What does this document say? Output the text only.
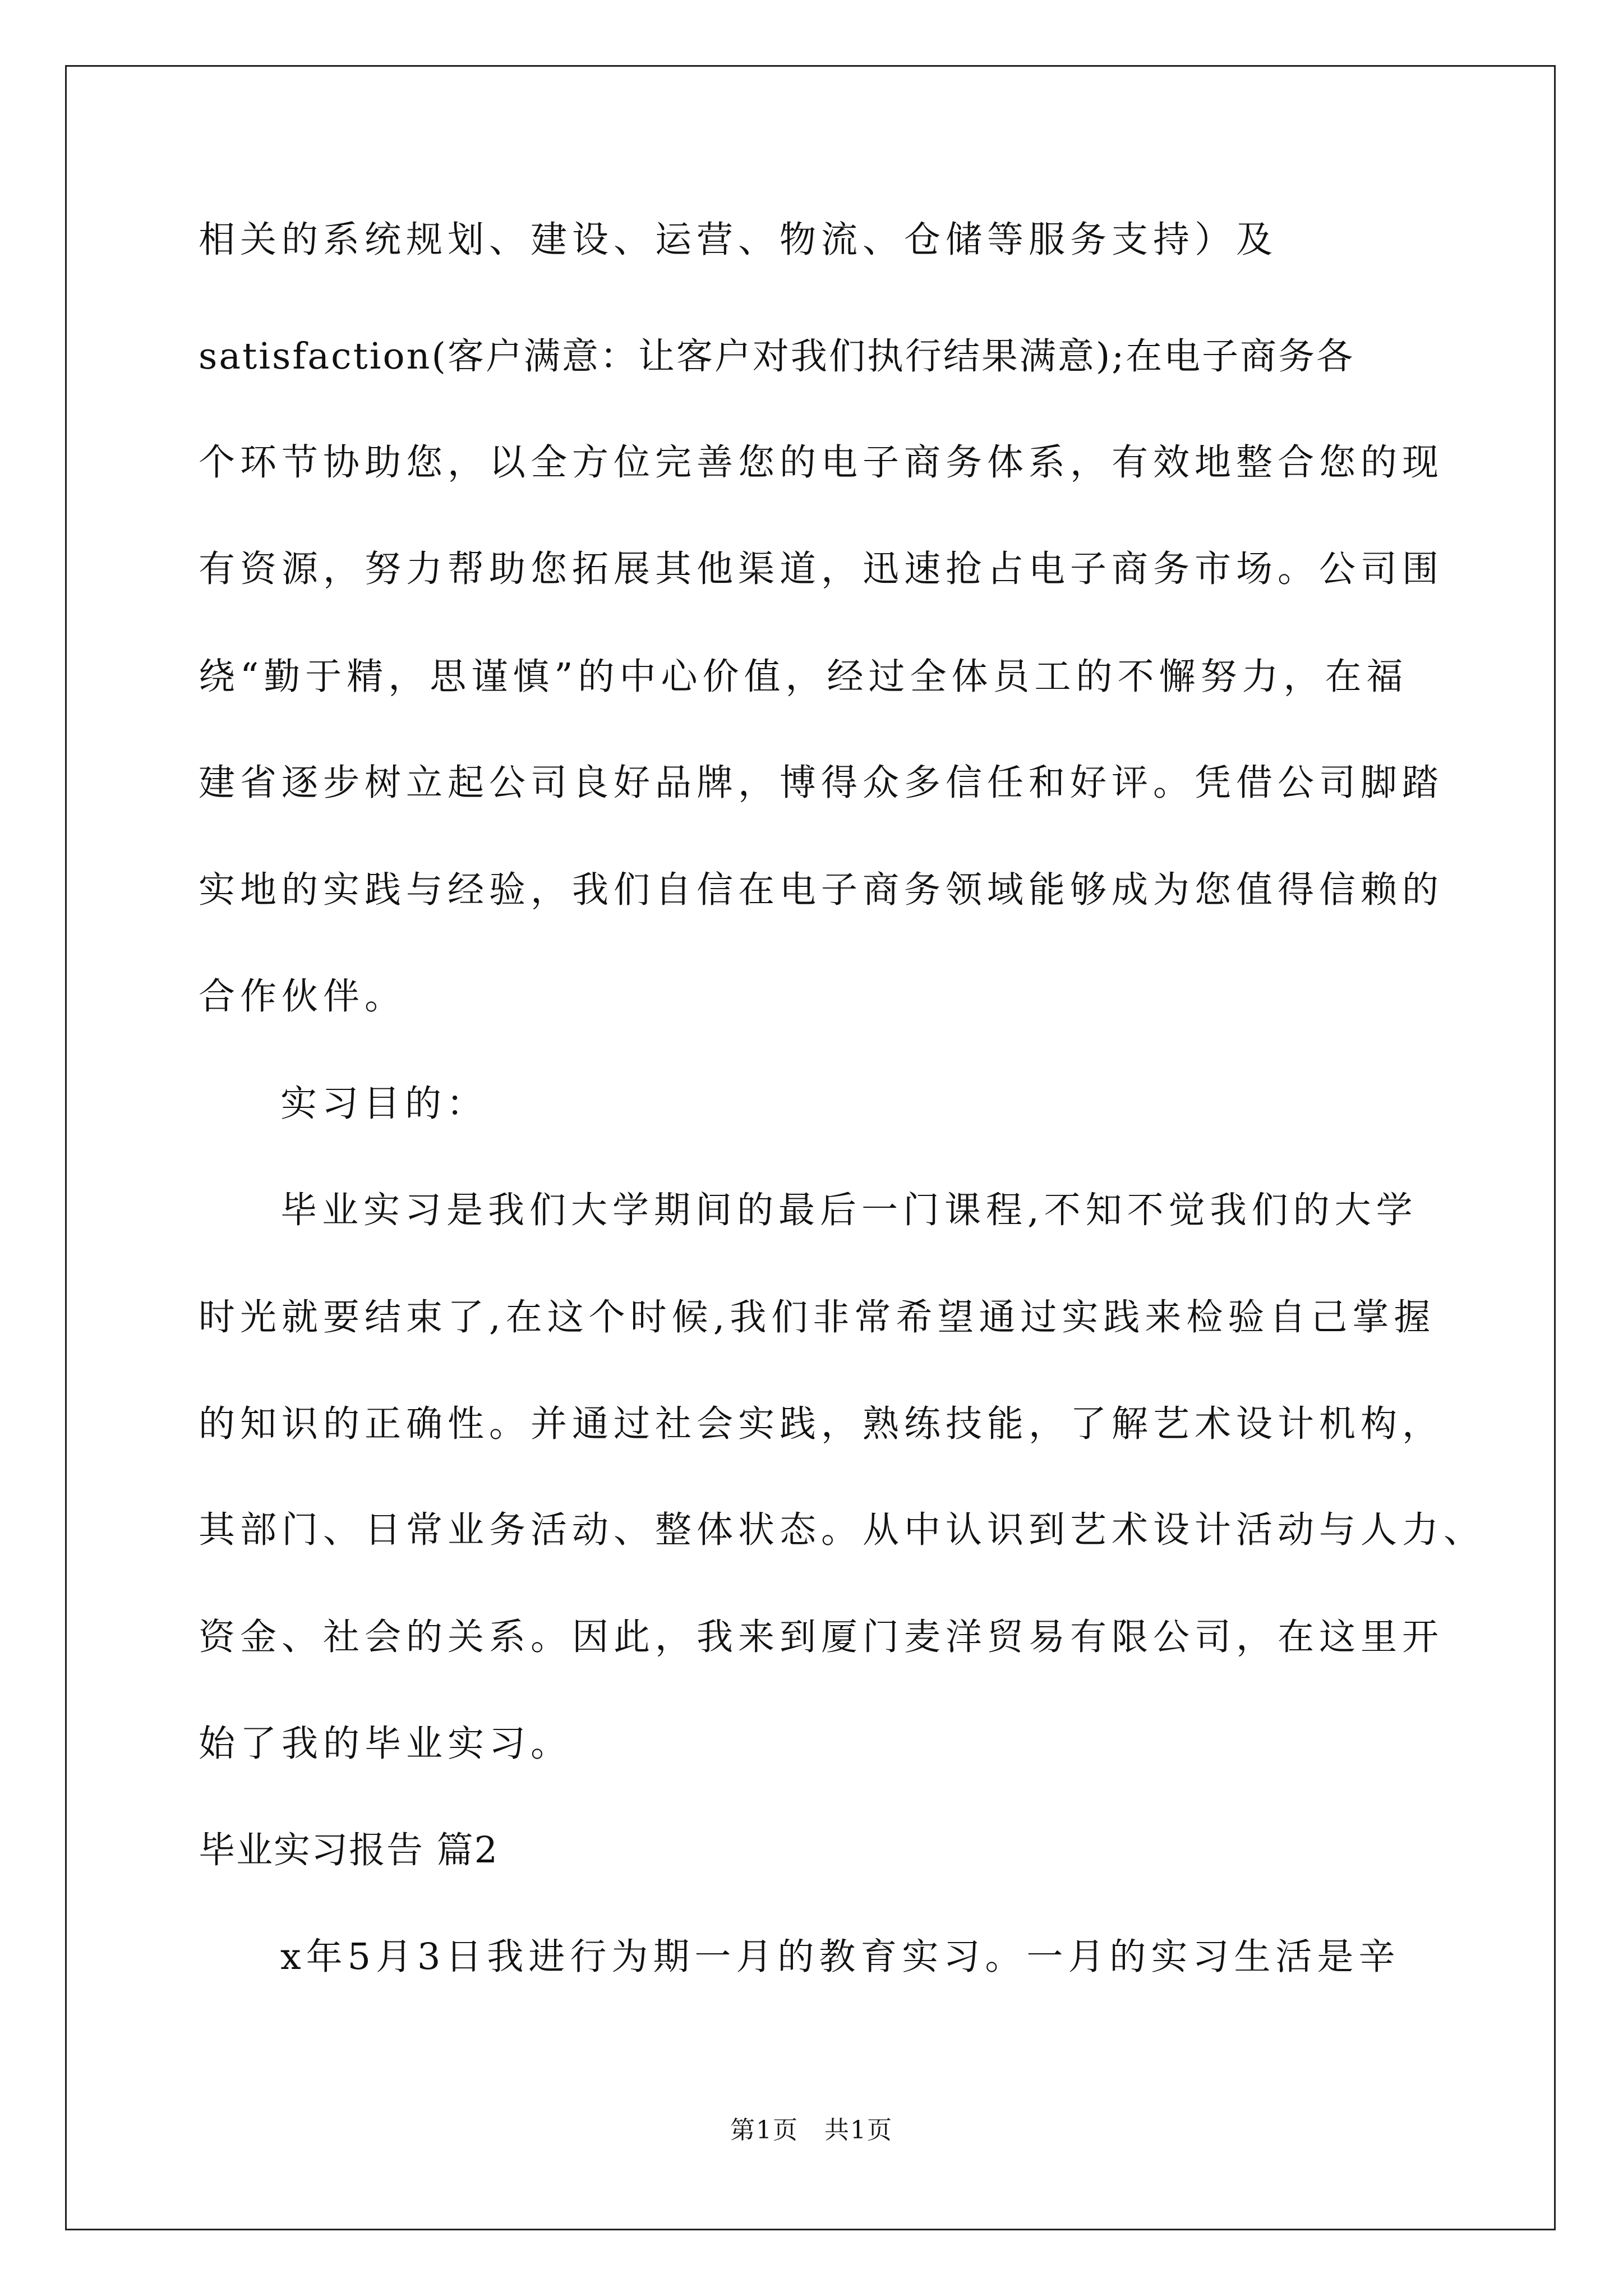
相关的系统规划、建设、运营、物流、仓储等服务支持）及
satisfaction(客户满意：让客户对我们执行结果满意);在电子商务各
个环节协助您，以全方位完善您的电子商务体系，有效地整合您的现
有资源，努力帮助您拓展其他渠道，迅速抢占电子商务市场。公司围
绕“勤于精，思谨慎”的中心价值，经过全体员工的不懈努力，在福
建省逐步树立起公司良好品牌，博得众多信任和好评。凭借公司脚踏
实地的实践与经验，我们自信在电子商务领域能够成为您值得信赖的
合作伙伴。
实习目的：
毕业实习是我们大学期间的最后一门课程,不知不觉我们的大学
时光就要结束了,在这个时候,我们非常希望通过实践来检验自己掌握
的知识的正确性。并通过社会实践，熟练技能，了解艺术设计机构，
其部门、日常业务活动、整体状态。从中认识到艺术设计活动与人力、
资金、社会的关系。因此，我来到厦门麦洋贸易有限公司，在这里开
始了我的毕业实习。
毕业实习报告 篇2
x年5月3日我进行为期一月的教育实习。一月的实习生活是辛
第1页　共1页
